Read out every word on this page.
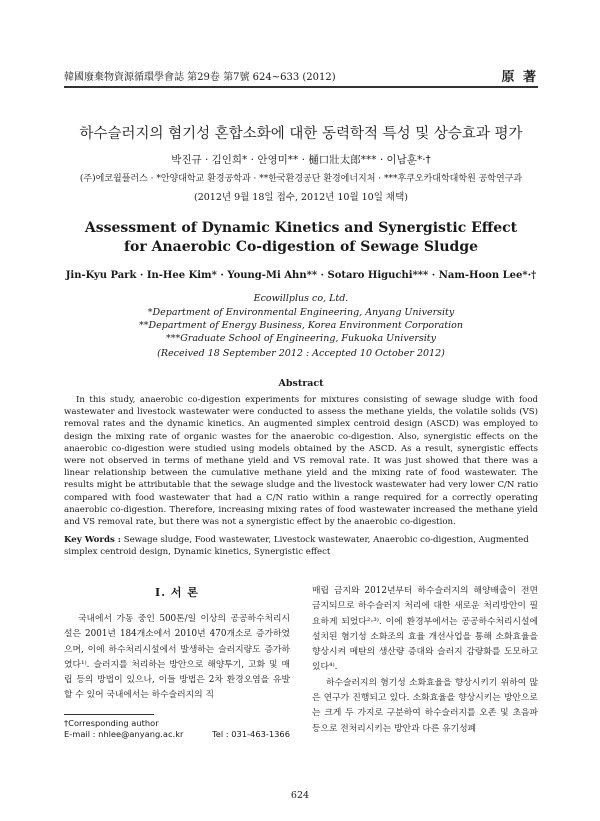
韓國廢棄物資源循環學會誌 第29卷 第7號 624~633 (2012)	原 著
하수슬러지의 혐기성 혼합소화에 대한 동력학적 특성 및 상승효과 평가
박진규 · 김인희* · 안영미** · 樋口壯太郎*** · 이남훈*·†
(주)에코윌플러스 · *안양대학교 환경공학과 · **한국환경공단 환경에너지처 · ***후쿠오카대학대학원 공학연구과
(2012년 9월 18일 접수, 2012년 10월 10일 채택)
Assessment of Dynamic Kinetics and Synergistic Effect
for Anaerobic Co-digestion of Sewage Sludge
Jin-Kyu Park · In-Hee Kim* · Young-Mi Ahn** · Sotaro Higuchi*** · Nam-Hoon Lee*·†
Ecowillplus co, Ltd.
*Department of Environmental Engineering, Anyang University
**Department of Energy Business, Korea Environment Corporation
***Graduate School of Engineering, Fukuoka University
(Received 18 September 2012 : Accepted 10 October 2012)
Abstract
In this study, anaerobic co-digestion experiments for mixtures consisting of sewage sludge with food wastewater and livestock wastewater were conducted to assess the methane yields, the volatile solids (VS) removal rates and the dynamic kinetics. An augmented simplex centroid design (ASCD) was employed to design the mixing rate of organic wastes for the anaerobic co-digestion. Also, synergistic effects on the anaerobic co-digestion were studied using models obtained by the ASCD. As a result, synergistic effects were not observed in terms of methane yield and VS removal rate. It was just showed that there was a linear relationship between the cumulative methane yield and the mixing rate of food wastewater. The results might be attributable that the sewage sludge and the livestock wastewater had very lower C/N ratio compared with food wastewater that had a C/N ratio within a range required for a correctly operating anaerobic co-digestion. Therefore, increasing mixing rates of food wastewater increased the methane yield and VS removal rate, but there was not a synergistic effect by the anaerobic co-digestion.
Key Words : Sewage sludge, Food wastewater, Livestock wastewater, Anaerobic co-digestion, Augmented simplex centroid design, Dynamic kinetics, Synergistic effect
I. 서 론
국내에서 가동 중인 500톤/일 이상의 공공하수처리시설은 2001년 184개소에서 2010년 470개소로 증가하였으며, 이에 하수처리시설에서 발생하는 슬러지량도 증가하였다¹⁾. 슬러지를 처리하는 방안으로 해양투기, 고화 및 매립 등의 방법이 있으나, 이들 방법은 2차 환경오염을 유발할 수 있어 국내에서는 하수슬러지의 직
매립 금지와 2012년부터 하수슬러지의 해양배출이 전면 금지되므로 하수슬러지 처리에 대한 새로운 처리방안이 필요하게 되었다²·³⁾. 이에 환경부에서는 공공하수처리시설에 설치된 혐기성 소화조의 효율 개선사업을 통해 소화효율을 향상시켜 메탄의 생산량 증대와 슬러지 감량화를 도모하고 있다⁴⁾.
하수슬러지의 혐기성 소화효율을 향상시키기 위하여 많은 연구가 진행되고 있다. 소화효율을 향상시키는 방안으로는 크게 두 가지로 구분하여 하수슬러지를 오존 및 초음파 등으로 전처리시키는 방안과 다른 유기성폐
†Corresponding author
E-mail : nhlee@anyang.ac.kr	Tel : 031-463-1366
624
